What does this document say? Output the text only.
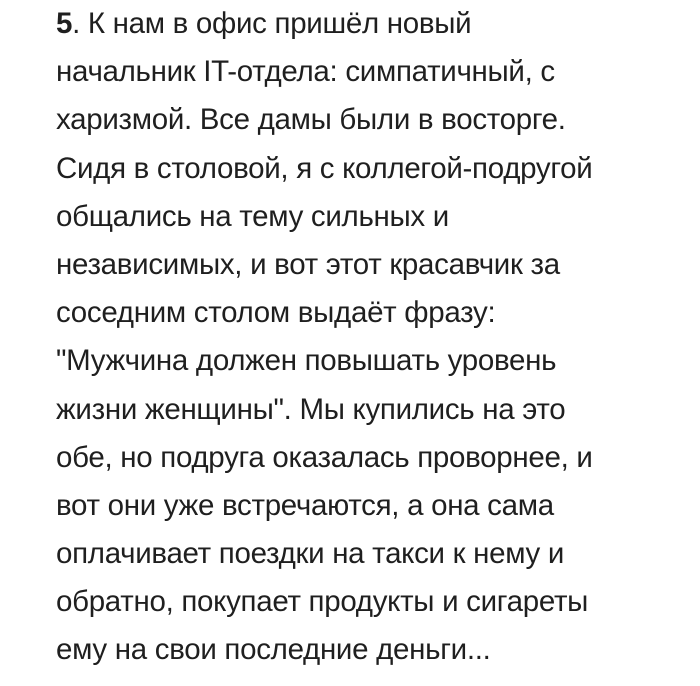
5. К нам в офис пришёл новый
начальник IT-отдела: симпатичный, с
харизмой. Все дамы были в восторге.
Сидя в столовой, я с коллегой-подругой
общались на тему сильных и
независимых, и вот этот красавчик за
соседним столом выдаёт фразу:
"Мужчина должен повышать уровень
жизни женщины". Мы купились на это
обе, но подруга оказалась проворнее, и
вот они уже встречаются, а она сама
оплачивает поездки на такси к нему и
обратно, покупает продукты и сигареты
ему на свои последние деньги...
